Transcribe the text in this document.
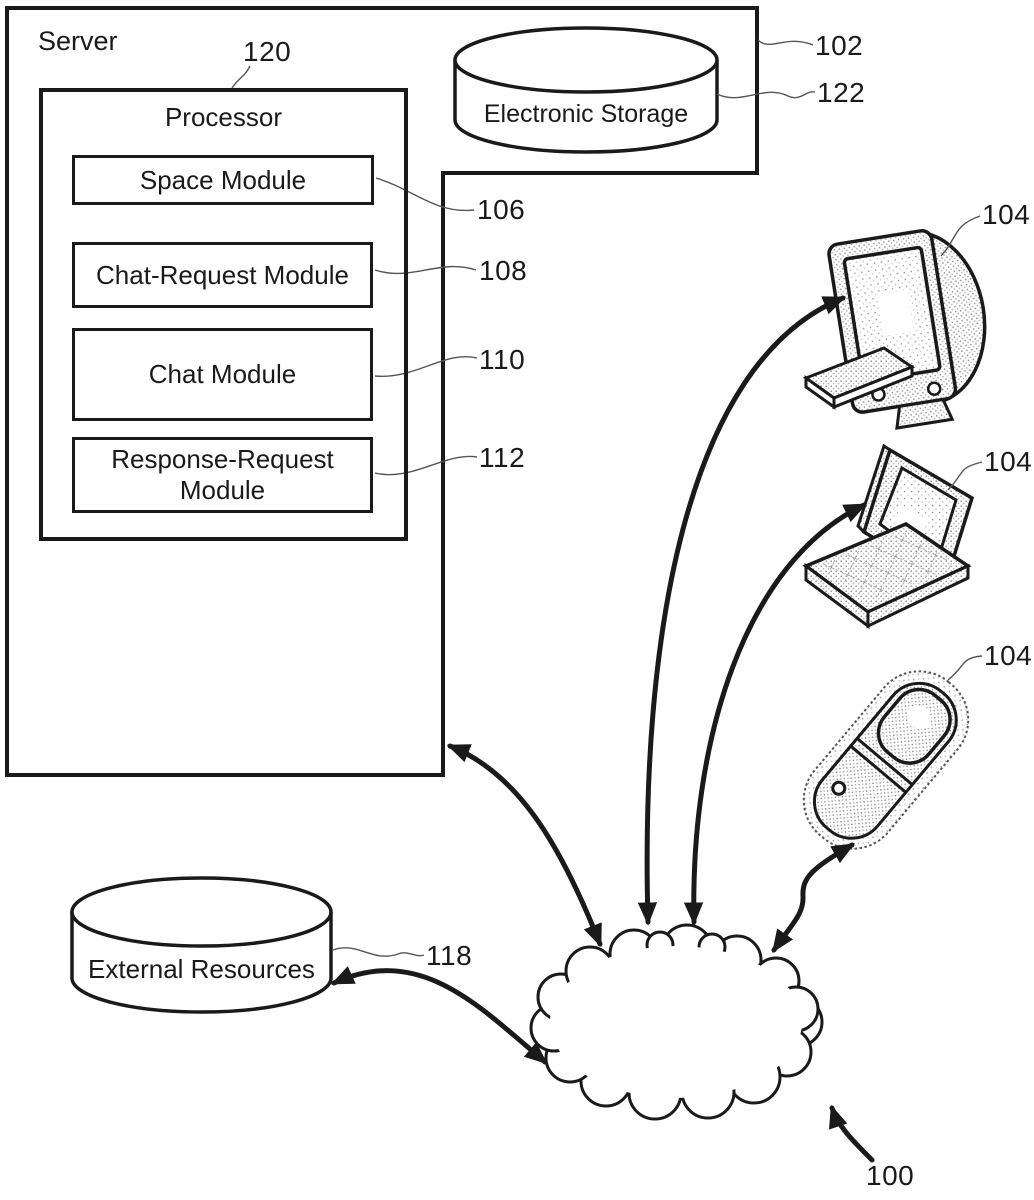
Server
Processor
Space Module
Chat-Request Module
Chat Module
Response-Request Module
Electronic Storage
External Resources
120	102
122
106
108
110
112
104
104
104
118
100
